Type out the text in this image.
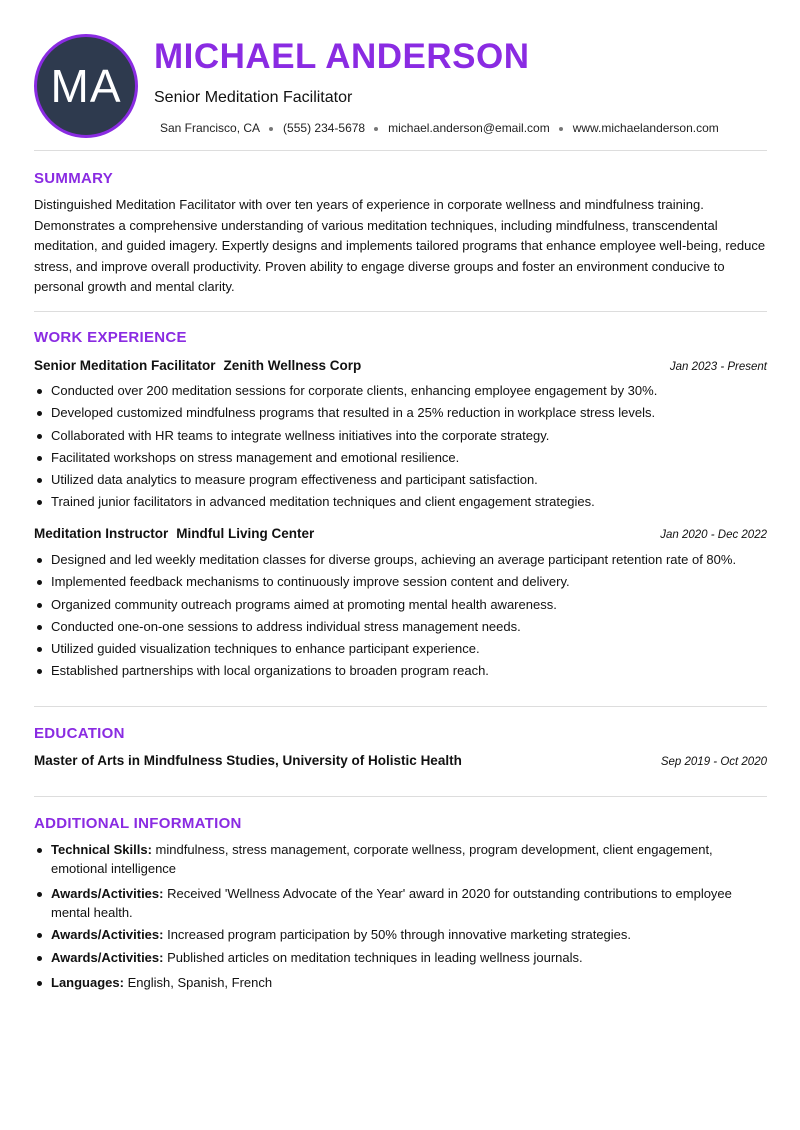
MA
MICHAEL ANDERSON
Senior Meditation Facilitator
San Francisco, CA (555) 234-5678 michael.anderson@email.com www.michaelanderson.com
SUMMARY

Distinguished Meditation Facilitator with over ten years of experience in corporate wellness and mindfulness training. Demonstrates a comprehensive understanding of various meditation techniques, including mindfulness, transcendental meditation, and guided imagery. Expertly designs and implements tailored programs that enhance employee well-being, reduce stress, and improve overall productivity. Proven ability to engage diverse groups and foster an environment conducive to personal growth and mental clarity.

WORK EXPERIENCE
Senior Meditation Facilitator Zenith Wellness Corp	Jan 2023 - Present
Conducted over 200 meditation sessions for corporate clients, enhancing employee engagement by 30%.
Developed customized mindfulness programs that resulted in a 25% reduction in workplace stress levels.
Collaborated with HR teams to integrate wellness initiatives into the corporate strategy.
Facilitated workshops on stress management and emotional resilience.
Utilized data analytics to measure program effectiveness and participant satisfaction.
Trained junior facilitators in advanced meditation techniques and client engagement strategies.
Meditation Instructor Mindful Living Center	Jan 2020 - Dec 2022
Designed and led weekly meditation classes for diverse groups, achieving an average participant retention rate of 80%.
Implemented feedback mechanisms to continuously improve session content and delivery.
Organized community outreach programs aimed at promoting mental health awareness.
Conducted one-on-one sessions to address individual stress management needs.
Utilized guided visualization techniques to enhance participant experience.
Established partnerships with local organizations to broaden program reach.
EDUCATION
Master of Arts in Mindfulness Studies, University of Holistic Health	Sep 2019 - Oct 2020
ADDITIONAL INFORMATION
Technical Skills: mindfulness, stress management, corporate wellness, program development, client engagement, emotional intelligence
Awards/Activities: Received 'Wellness Advocate of the Year' award in 2020 for outstanding contributions to employee mental health.
Awards/Activities: Increased program participation by 50% through innovative marketing strategies.
Awards/Activities: Published articles on meditation techniques in leading wellness journals.
Languages: English, Spanish, French
